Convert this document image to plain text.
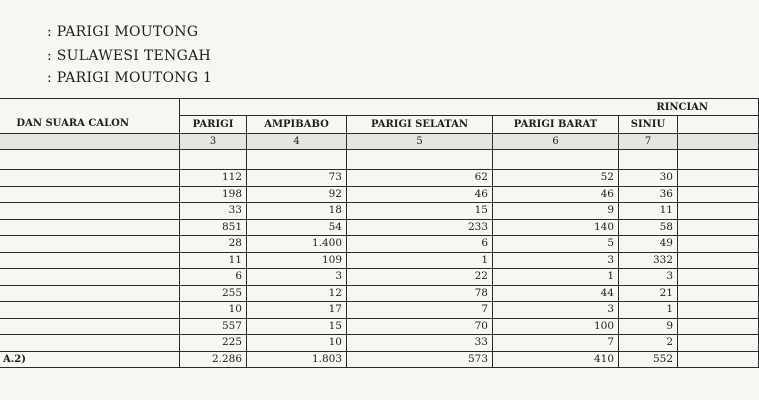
: PARIGI MOUTONG
: SULAWESI TENGAH
: PARIGI MOUTONG 1
DAN SUARA CALON	RINCIAN					
	PARIGI	AMPIBABO	PARIGI SELATAN	PARIGI BARAT	SINIU	
	3	4	5	6	7	

	112	73	62	52	30	
	198	92	46	46	36	
	33	18	15	9	11	
	851	54	233	140	58	
	28	1.400	6	5	49	
	11	109	1	3	332	
	6	3	22	1	3	
	255	12	78	44	21	
	10	17	7	3	1	
	557	15	70	100	9	
	225	10	33	7	2	
A.2)	2.286	1.803	573	410	552	
